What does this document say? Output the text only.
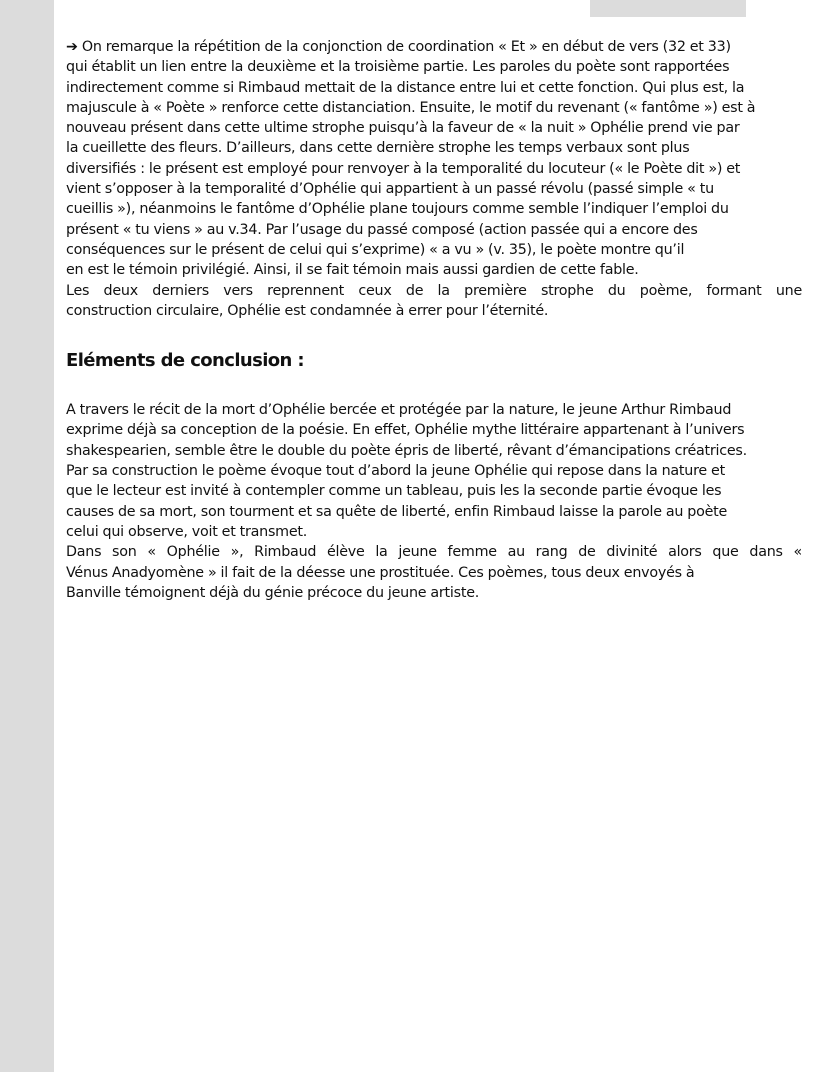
➔ On remarque la répétition de la conjonction de coordination « Et » en début de vers (32 et 33)
qui établit un lien entre la deuxième et la troisième partie. Les paroles du poète sont rapportées
indirectement comme si Rimbaud mettait de la distance entre lui et cette fonction. Qui plus est, la
majuscule à « Poète » renforce cette distanciation. Ensuite, le motif du revenant (« fantôme ») est à
nouveau présent dans cette ultime strophe puisqu’à la faveur de « la nuit » Ophélie prend vie par
la cueillette des fleurs. D’ailleurs, dans cette dernière strophe les temps verbaux sont plus
diversifiés : le présent est employé pour renvoyer à la temporalité du locuteur (« le Poète dit ») et
vient s’opposer à la temporalité d’Ophélie qui appartient à un passé révolu (passé simple « tu
cueillis »), néanmoins le fantôme d’Ophélie plane toujours comme semble l’indiquer l’emploi du
présent « tu viens » au v.34. Par l’usage du passé composé (action passée qui a encore des
conséquences sur le présent de celui qui s’exprime) « a vu » (v. 35), le poète montre qu’il
en est le témoin privilégié. Ainsi, il se fait témoin mais aussi gardien de cette fable.
Les deux derniers vers reprennent ceux de la première strophe du poème, formant une
construction circulaire, Ophélie est condamnée à errer pour l’éternité.

Eléments de conclusion :

A travers le récit de la mort d’Ophélie bercée et protégée par la nature, le jeune Arthur Rimbaud
exprime déjà sa conception de la poésie. En effet, Ophélie mythe littéraire appartenant à l’univers
shakespearien, semble être le double du poète épris de liberté, rêvant d’émancipations créatrices.
Par sa construction le poème évoque tout d’abord la jeune Ophélie qui repose dans la nature et
que le lecteur est invité à contempler comme un tableau, puis les la seconde partie évoque les
causes de sa mort, son tourment et sa quête de liberté, enfin Rimbaud laisse la parole au poète
celui qui observe, voit et transmet.
Dans son « Ophélie », Rimbaud élève la jeune femme au rang de divinité alors que dans «
Vénus Anadyomène » il fait de la déesse une prostituée. Ces poèmes, tous deux envoyés à
Banville témoignent déjà du génie précoce du jeune artiste.
